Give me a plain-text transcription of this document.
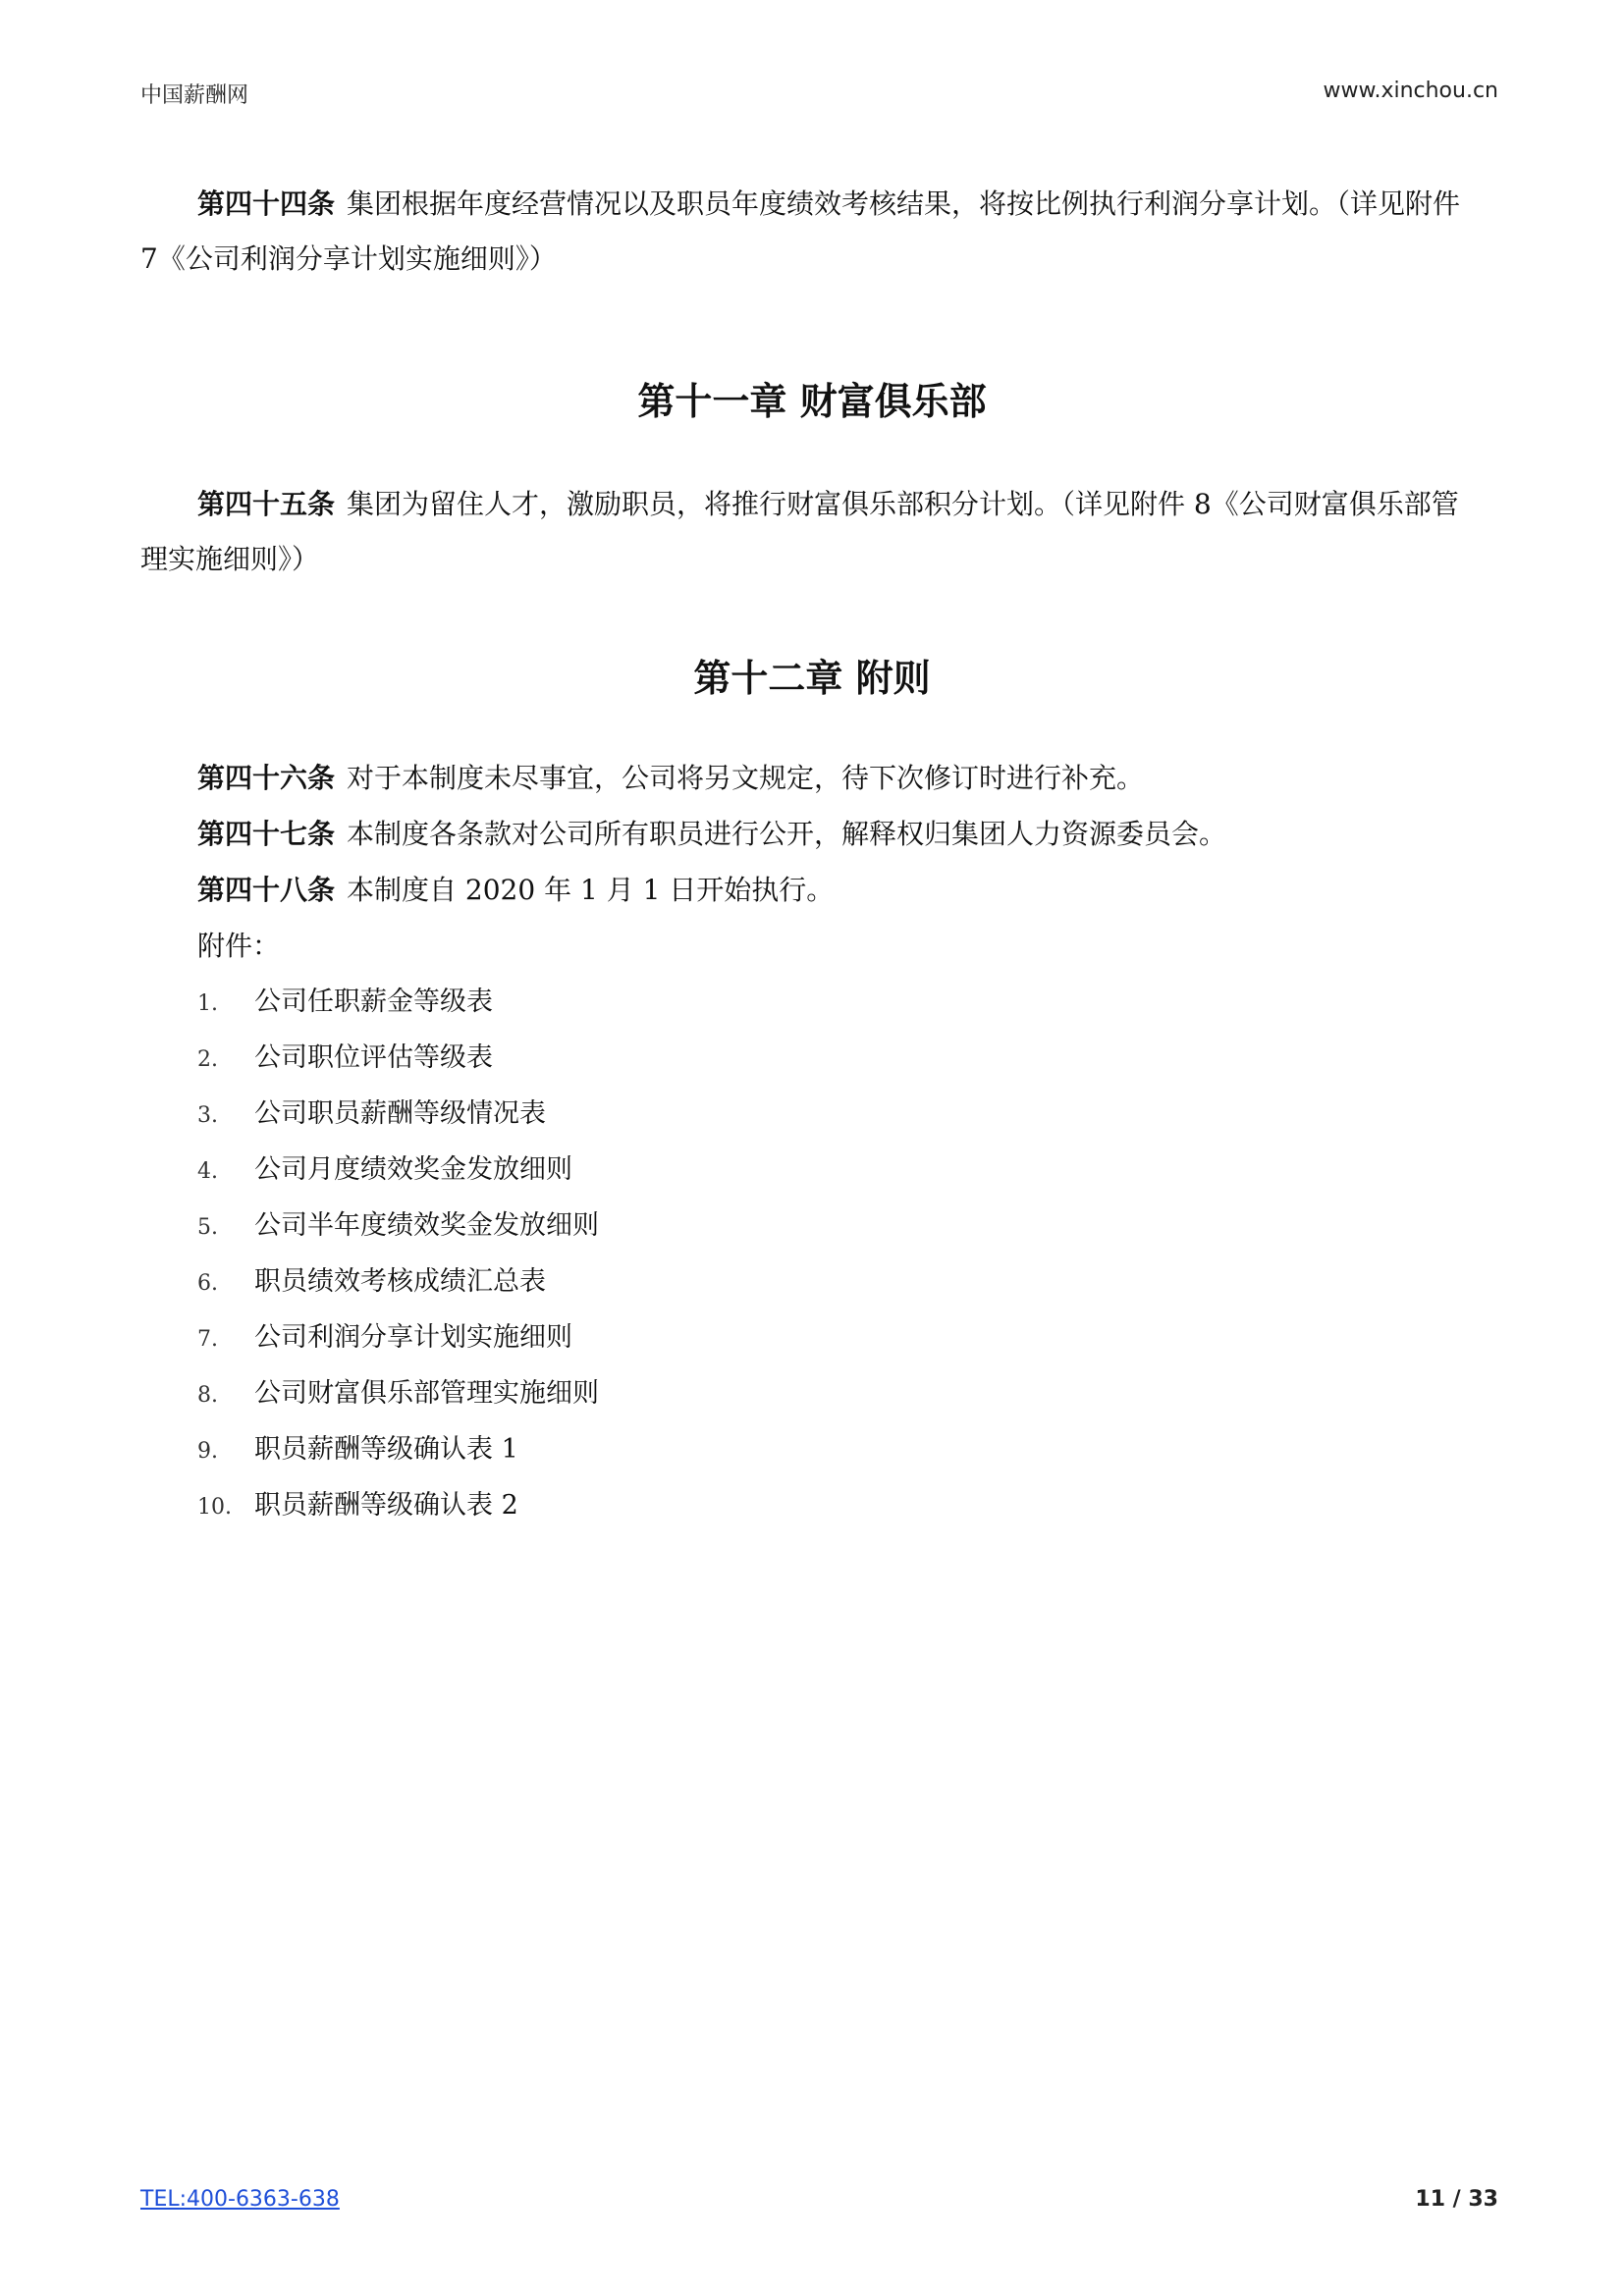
中国薪酬网	www.xinchou.cn
第四十四条 集团根据年度经营情况以及职员年度绩效考核结果，将按比例执行利润分享计划。（详见附件 7《公司利润分享计划实施细则》）
第十一章 财富俱乐部
第四十五条 集团为留住人才，激励职员，将推行财富俱乐部积分计划。（详见附件 8《公司财富俱乐部管理实施细则》）
第十二章 附则
第四十六条 对于本制度未尽事宜，公司将另文规定，待下次修订时进行补充。
第四十七条 本制度各条款对公司所有职员进行公开，解释权归集团人力资源委员会。
第四十八条 本制度自 2020 年 1 月 1 日开始执行。
附件：
1. 公司任职薪金等级表
2. 公司职位评估等级表
3. 公司职员薪酬等级情况表
4. 公司月度绩效奖金发放细则
5. 公司半年度绩效奖金发放细则
6. 职员绩效考核成绩汇总表
7. 公司利润分享计划实施细则
8. 公司财富俱乐部管理实施细则
9. 职员薪酬等级确认表 1
10. 职员薪酬等级确认表 2
TEL:400-6363-638	11 / 33
